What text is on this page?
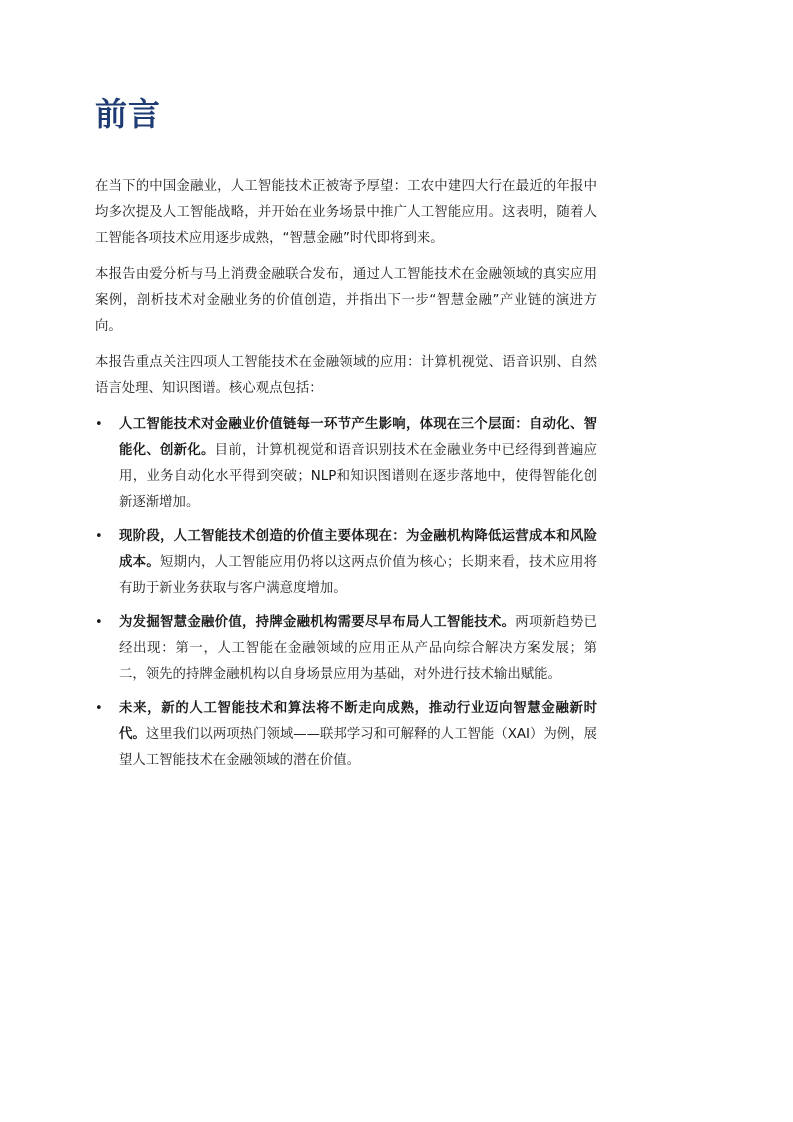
前言

在当下的中国金融业，人工智能技术正被寄予厚望：工农中建四大行在最近的年报中均多次提及人工智能战略，并开始在业务场景中推广人工智能应用。这表明，随着人工智能各项技术应用逐步成熟，“智慧金融”时代即将到来。

本报告由爱分析与马上消费金融联合发布，通过人工智能技术在金融领域的真实应用案例，剖析技术对金融业务的价值创造，并指出下一步“智慧金融”产业链的演进方向。

本报告重点关注四项人工智能技术在金融领域的应用：计算机视觉、语音识别、自然语言处理、知识图谱。核心观点包括：

• 人工智能技术对金融业价值链每一环节产生影响，体现在三个层面：自动化、智能化、创新化。目前，计算机视觉和语音识别技术在金融业务中已经得到普遍应用，业务自动化水平得到突破；NLP和知识图谱则在逐步落地中，使得智能化创新逐渐增加。
• 现阶段，人工智能技术创造的价值主要体现在：为金融机构降低运营成本和风险成本。短期内，人工智能应用仍将以这两点价值为核心；长期来看，技术应用将有助于新业务获取与客户满意度增加。
• 为发掘智慧金融价值，持牌金融机构需要尽早布局人工智能技术。两项新趋势已经出现：第一，人工智能在金融领域的应用正从产品向综合解决方案发展；第二，领先的持牌金融机构以自身场景应用为基础，对外进行技术输出赋能。
• 未来，新的人工智能技术和算法将不断走向成熟，推动行业迈向智慧金融新时代。这里我们以两项热门领域——联邦学习和可解释的人工智能（XAI）为例，展望人工智能技术在金融领域的潜在价值。
